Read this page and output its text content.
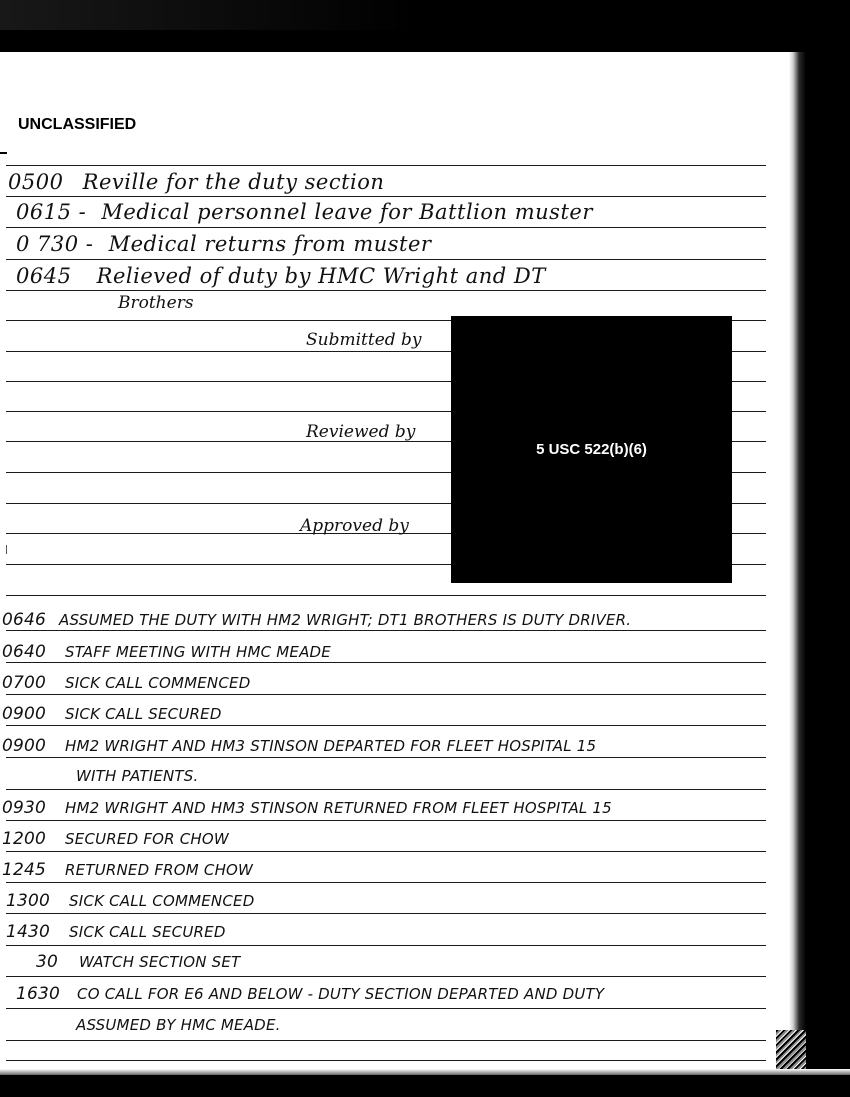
UNCLASSIFIED
0500 Reville for the duty section
0615 - Medical personnel leave for Battlion muster
0 730 - Medical returns from muster
0645 Relieved of duty by HMC Wright and DT
Brothers
Submitted by
Reviewed by
Approved by
5 USC 522(b)(6)
0646 ASSUMED THE DUTY WITH HM2 WRIGHT; DT1 BROTHERS IS DUTY DRIVER.
0640 STAFF MEETING WITH HMC MEADE
0700 SICK CALL COMMENCED
0900 SICK CALL SECURED
0900 HM2 WRIGHT AND HM3 STINSON DEPARTED FOR FLEET HOSPITAL 15
WITH PATIENTS.
0930 HM2 WRIGHT AND HM3 STINSON RETURNED FROM FLEET HOSPITAL 15
1200 SECURED FOR CHOW
1245 RETURNED FROM CHOW
1300 SICK CALL COMMENCED
1430 SICK CALL SECURED
30 WATCH SECTION SET
1630 CO CALL FOR E6 AND BELOW - DUTY SECTION DEPARTED AND DUTY
ASSUMED BY HMC MEADE.
